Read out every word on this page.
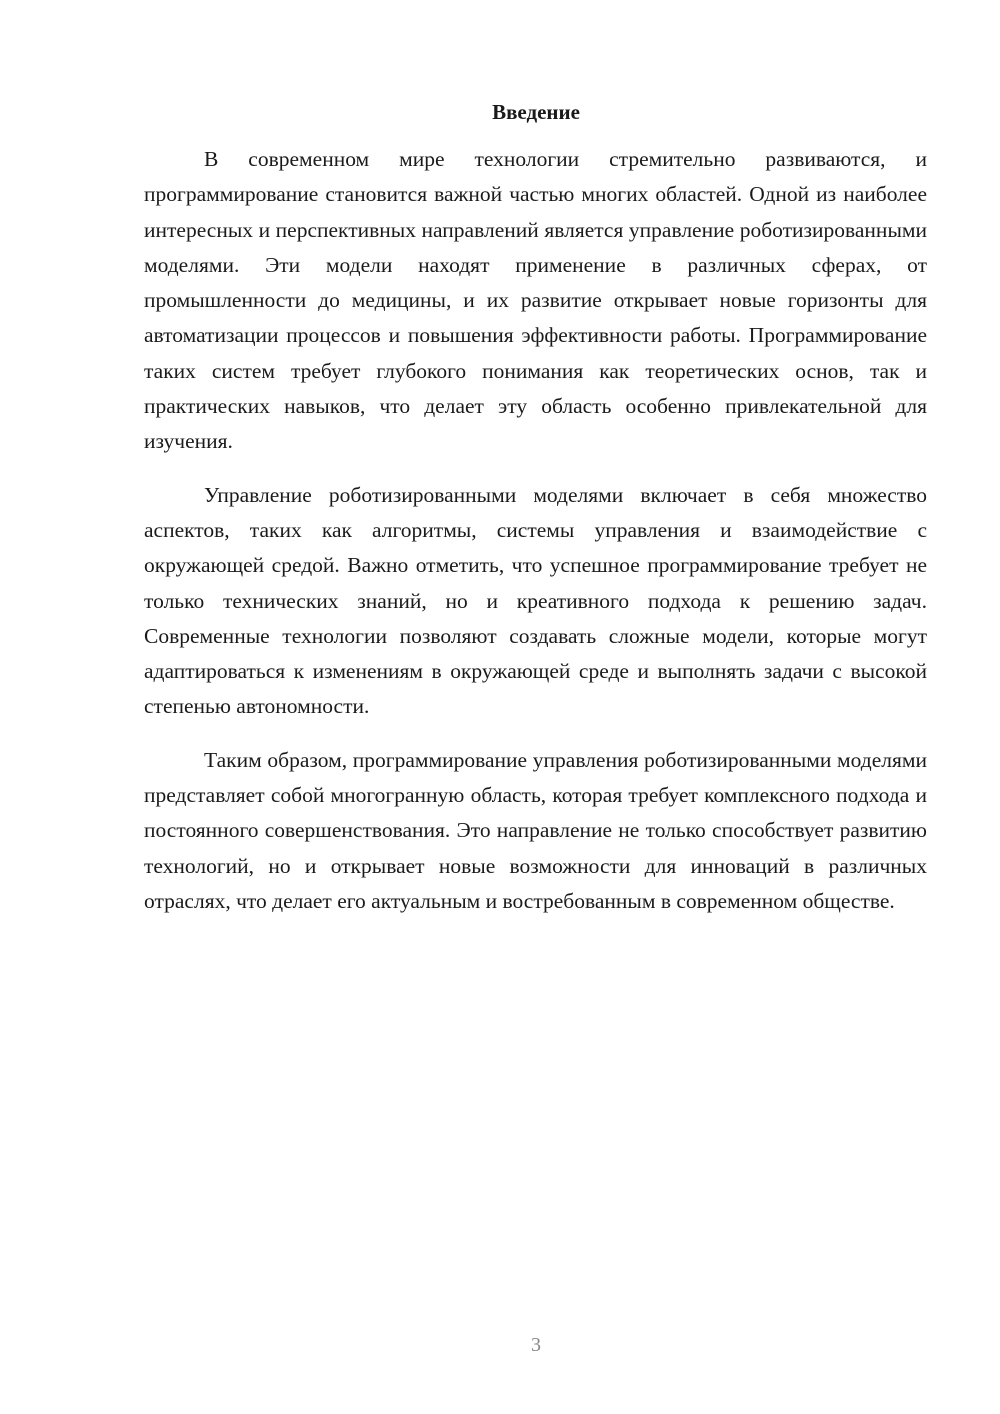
Введение

В современном мире технологии стремительно развиваются, и программирование становится важной частью многих областей. Одной из наиболее интересных и перспективных направлений является управление роботизированными моделями. Эти модели находят применение в различных сферах, от промышленности до медицины, и их развитие открывает новые горизонты для автоматизации процессов и повышения эффективности работы. Программирование таких систем требует глубокого понимания как теоретических основ, так и практических навыков, что делает эту область особенно привлекательной для изучения.

Управление роботизированными моделями включает в себя множество аспектов, таких как алгоритмы, системы управления и взаимодействие с окружающей средой. Важно отметить, что успешное программирование требует не только технических знаний, но и креативного подхода к решению задач. Современные технологии позволяют создавать сложные модели, которые могут адаптироваться к изменениям в окружающей среде и выполнять задачи с высокой степенью автономности.

Таким образом, программирование управления роботизированными моделями представляет собой многогранную область, которая требует комплексного подхода и постоянного совершенствования. Это направление не только способствует развитию технологий, но и открывает новые возможности для инноваций в различных отраслях, что делает его актуальным и востребованным в современном обществе.

3
